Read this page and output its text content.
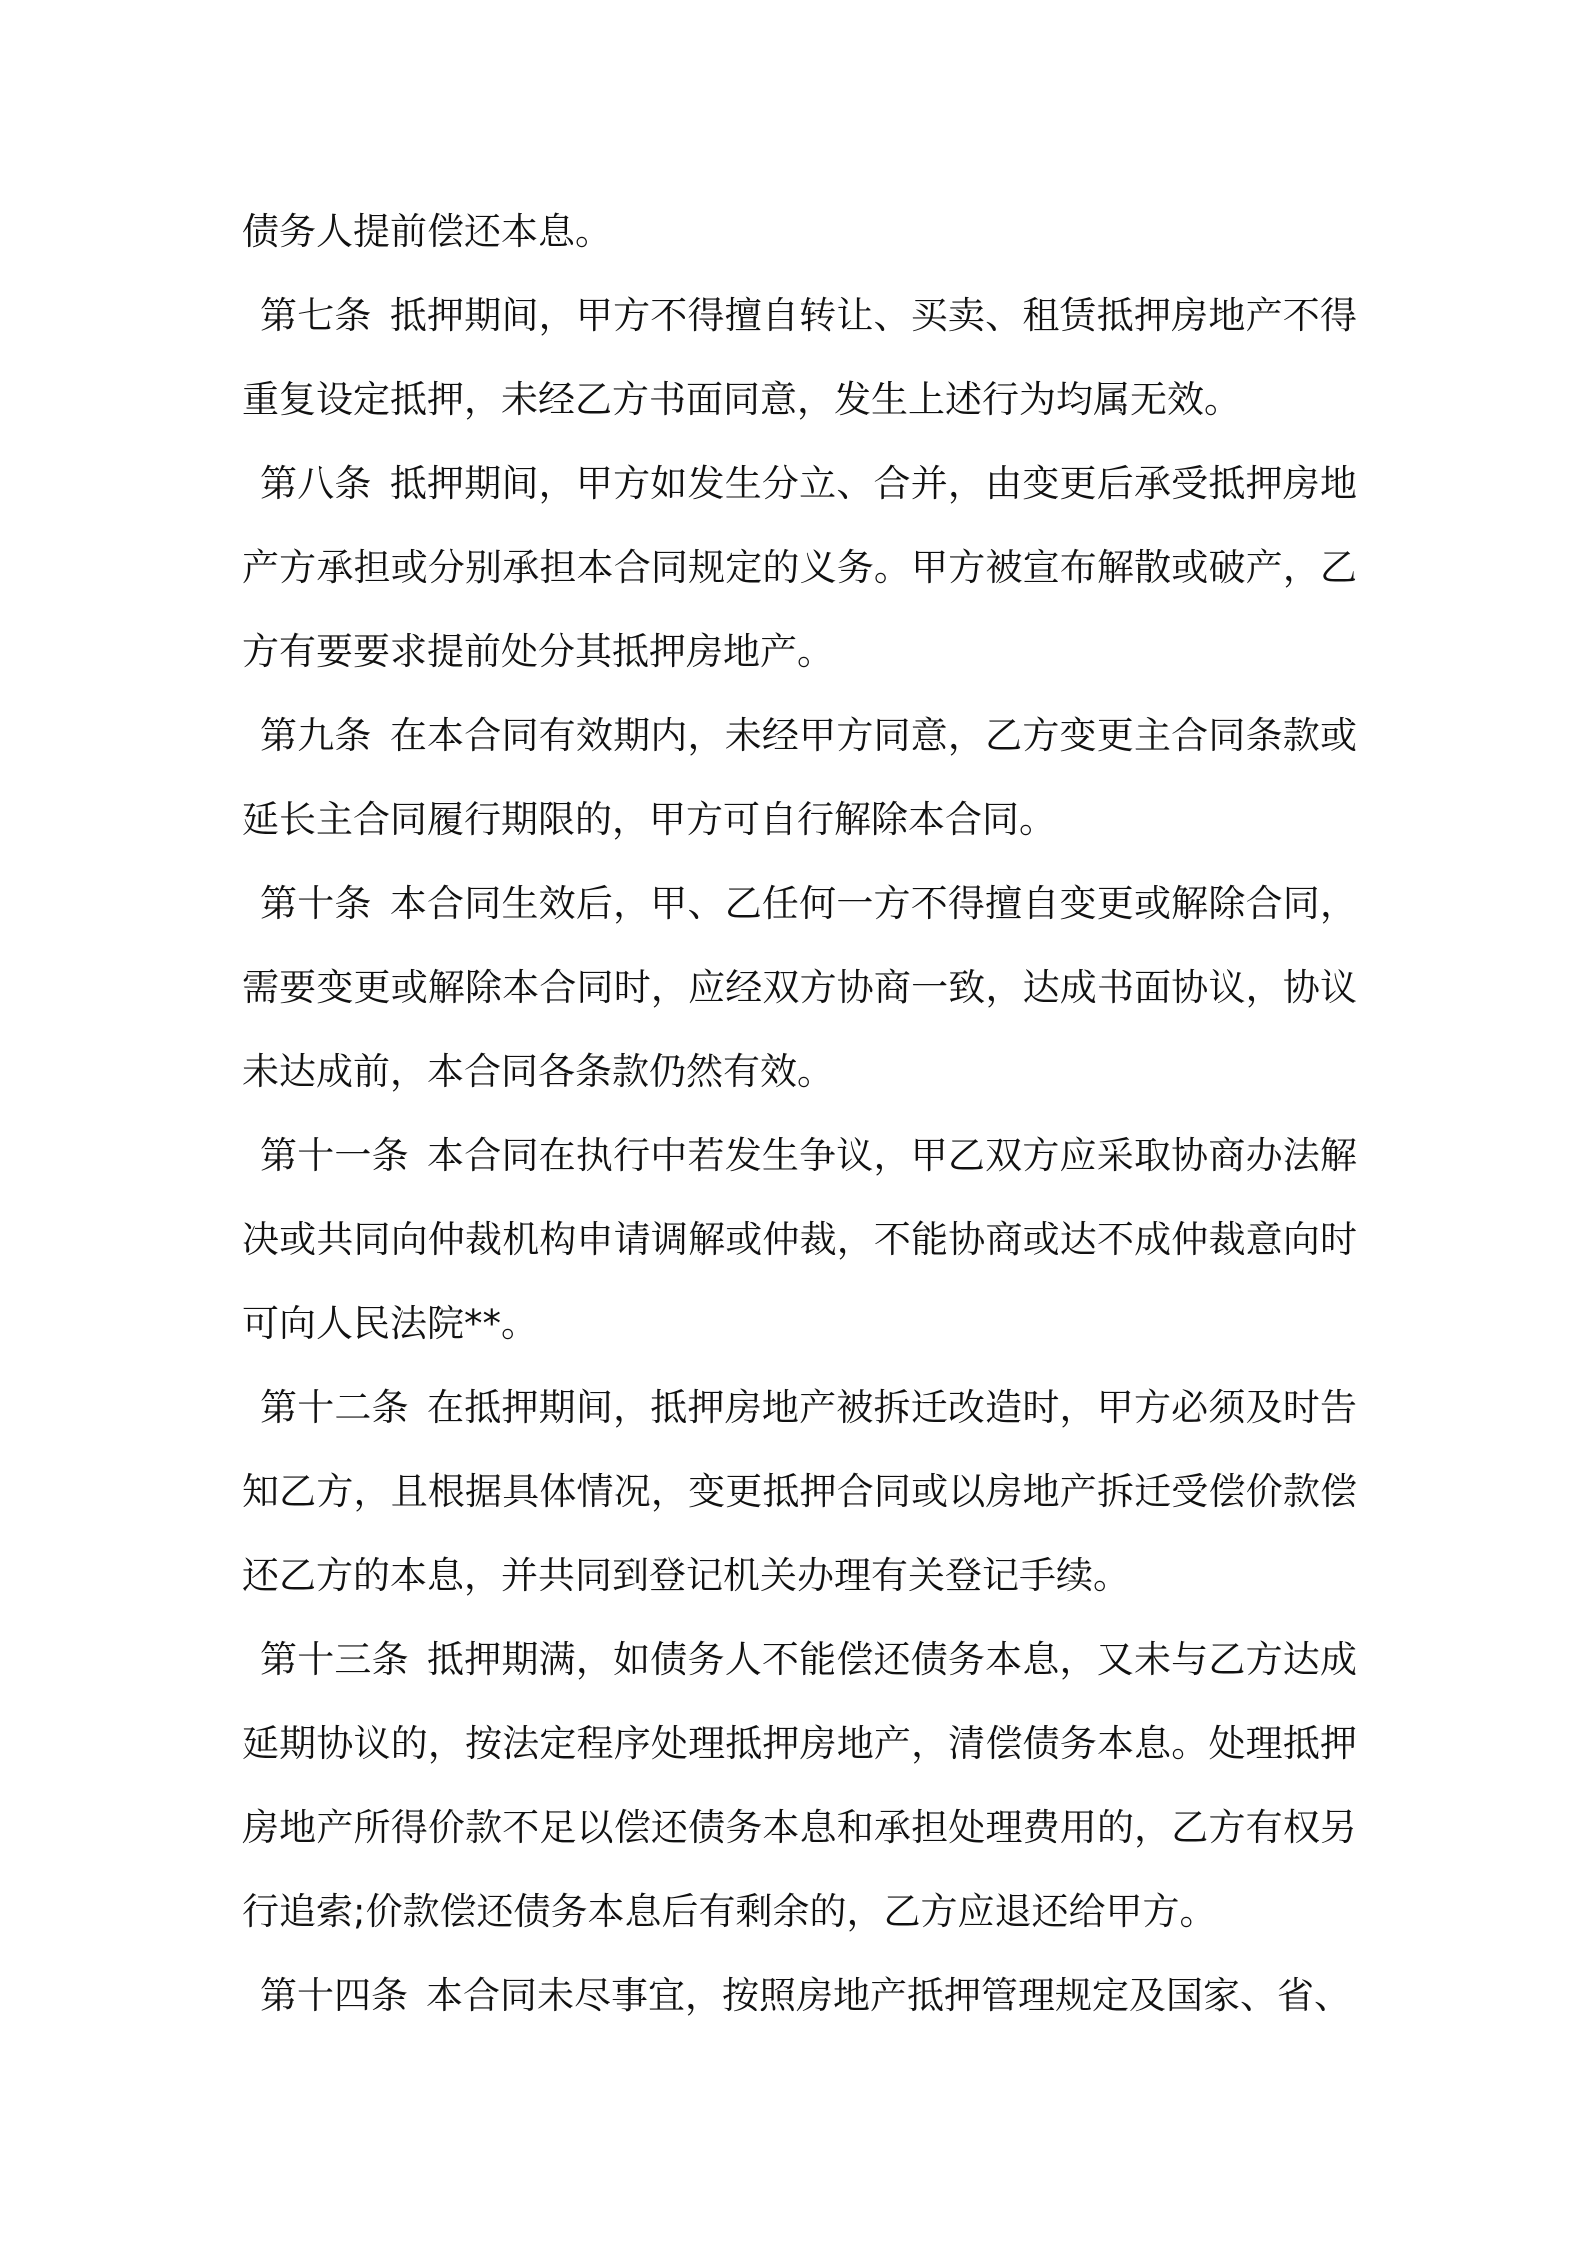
债务人提前偿还本息。

第七条 抵押期间，甲方不得擅自转让、买卖、租赁抵押房地产不得重复设定抵押，未经乙方书面同意，发生上述行为均属无效。

第八条 抵押期间，甲方如发生分立、合并，由变更后承受抵押房地产方承担或分别承担本合同规定的义务。甲方被宣布解散或破产，乙方有要要求提前处分其抵押房地产。

第九条 在本合同有效期内，未经甲方同意，乙方变更主合同条款或延长主合同履行期限的，甲方可自行解除本合同。

第十条 本合同生效后，甲、乙任何一方不得擅自变更或解除合同，需要变更或解除本合同时，应经双方协商一致，达成书面协议，协议未达成前，本合同各条款仍然有效。

第十一条 本合同在执行中若发生争议，甲乙双方应采取协商办法解决或共同向仲裁机构申请调解或仲裁，不能协商或达不成仲裁意向时可向人民法院**。

第十二条 在抵押期间，抵押房地产被拆迁改造时，甲方必须及时告知乙方，且根据具体情况，变更抵押合同或以房地产拆迁受偿价款偿还乙方的本息，并共同到登记机关办理有关登记手续。

第十三条 抵押期满，如债务人不能偿还债务本息，又未与乙方达成延期协议的，按法定程序处理抵押房地产，清偿债务本息。处理抵押房地产所得价款不足以偿还债务本息和承担处理费用的，乙方有权另行追索;价款偿还债务本息后有剩余的，乙方应退还给甲方。

第十四条 本合同未尽事宜，按照房地产抵押管理规定及国家、省、
